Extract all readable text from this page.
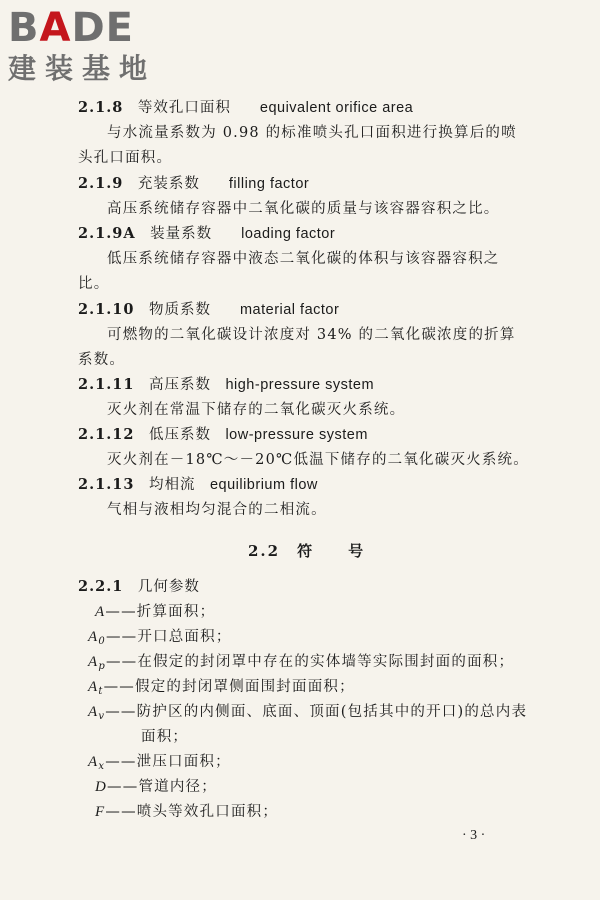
BADE
建装基地
2.1.8　 等效孔口面积　　 equivalent orifice area
与水流量系数为 0.98 的标准喷头孔口面积进行换算后的喷
头孔口面积。
2.1.9　 充装系数　　 filling factor
高压系统储存容器中二氧化碳的质量与该容器容积之比。
2.1.9A　 装量系数　　 loading factor
低压系统储存容器中液态二氧化碳的体积与该容器容积之
比。
2.1.10　 物质系数　　 material factor
可燃物的二氧化碳设计浓度对 34% 的二氧化碳浓度的折算
系数。
2.1.11　 高压系数　 high-pressure system
灭火剂在常温下储存的二氧化碳灭火系统。
2.1.12　 低压系数　 low-pressure system
灭火剂在－18℃～－20℃低温下储存的二氧化碳灭火系统。
2.1.13　 均相流　 equilibrium flow
气相与液相均匀混合的二相流。
2.2　 符　　号
2.2.1　 几何参数
A——折算面积；
$A_0——$开口总面积；
$A_p——$在假定的封闭罩中存在的实体墙等实际围封面的面积；
$A_t——$假定的封闭罩侧面围封面面积；
$A_v——$防护区的内侧面、底面、顶面(包括其中的开口)的总内表
面积；
$A_x——$泄压口面积；
D——管道内径；
F——喷头等效孔口面积；
· 3 ·
